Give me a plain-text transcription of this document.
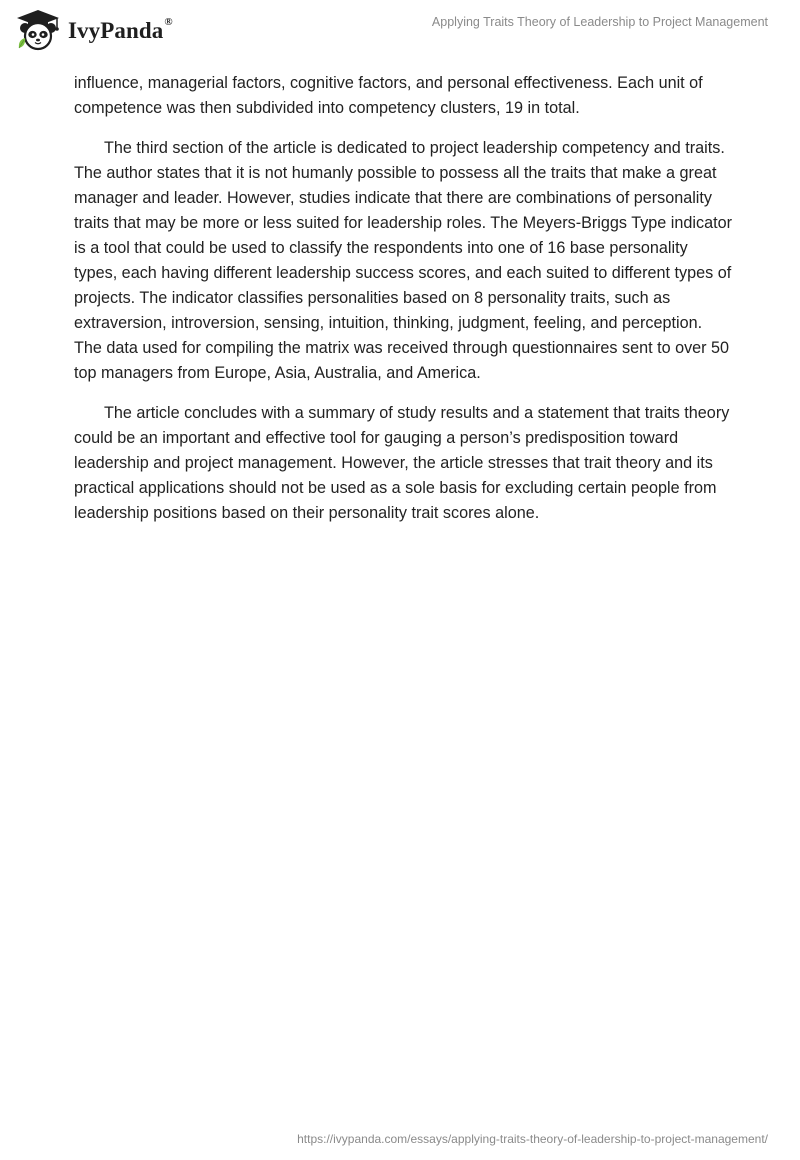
IvyPanda®	Applying Traits Theory of Leadership to Project Management

influence, managerial factors, cognitive factors, and personal effectiveness. Each unit of competence was then subdivided into competency clusters, 19 in total.

The third section of the article is dedicated to project leadership competency and traits. The author states that it is not humanly possible to possess all the traits that make a great manager and leader. However, studies indicate that there are combinations of personality traits that may be more or less suited for leadership roles. The Meyers-Briggs Type indicator is a tool that could be used to classify the respondents into one of 16 base personality types, each having different leadership success scores, and each suited to different types of projects. The indicator classifies personalities based on 8 personality traits, such as extraversion, introversion, sensing, intuition, thinking, judgment, feeling, and perception. The data used for compiling the matrix was received through questionnaires sent to over 50 top managers from Europe, Asia, Australia, and America.

The article concludes with a summary of study results and a statement that traits theory could be an important and effective tool for gauging a person’s predisposition toward leadership and project management. However, the article stresses that trait theory and its practical applications should not be used as a sole basis for excluding certain people from leadership positions based on their personality trait scores alone.

https://ivypanda.com/essays/applying-traits-theory-of-leadership-to-project-management/
